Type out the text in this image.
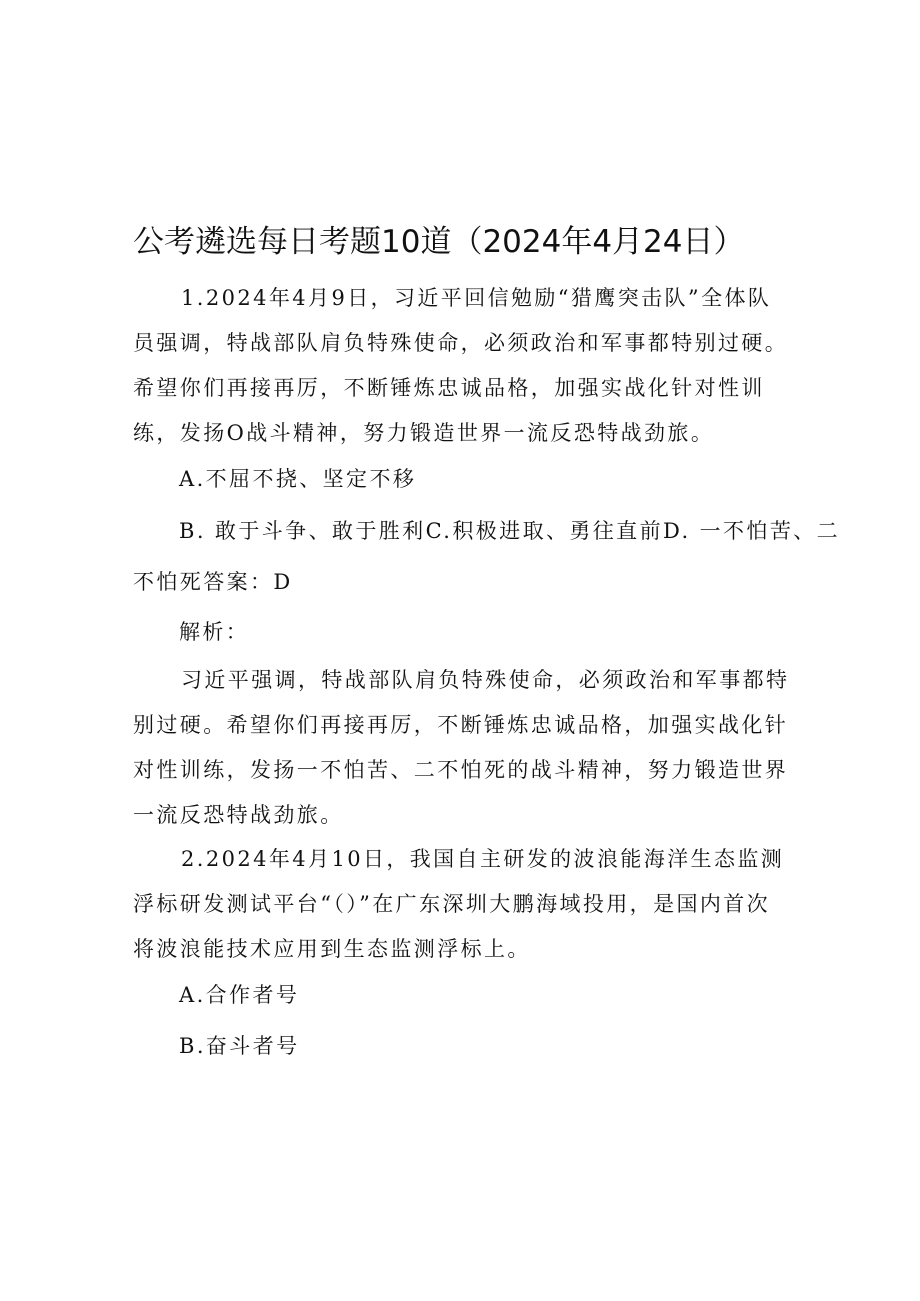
公考遴选每日考题10道（2024年4月24日）
1.2024年4月9日，习近平回信勉励“猎鹰突击队”全体队员强调，特战部队肩负特殊使命，必须政治和军事都特别过硬。希望你们再接再厉，不断锤炼忠诚品格，加强实战化针对性训练，发扬O战斗精神，努力锻造世界一流反恐特战劲旅。
A.不屈不挠、坚定不移
B. 敢于斗争、敢于胜利C.积极进取、勇往直前D. 一不怕苦、二
不怕死答案：D
解析：
习近平强调，特战部队肩负特殊使命，必须政治和军事都特别过硬。希望你们再接再厉，不断锤炼忠诚品格，加强实战化针对性训练，发扬一不怕苦、二不怕死的战斗精神，努力锻造世界一流反恐特战劲旅。
2.2024年4月10日，我国自主研发的波浪能海洋生态监测浮标研发测试平台“（）”在广东深圳大鹏海域投用，是国内首次将波浪能技术应用到生态监测浮标上。
A.合作者号
B.奋斗者号
